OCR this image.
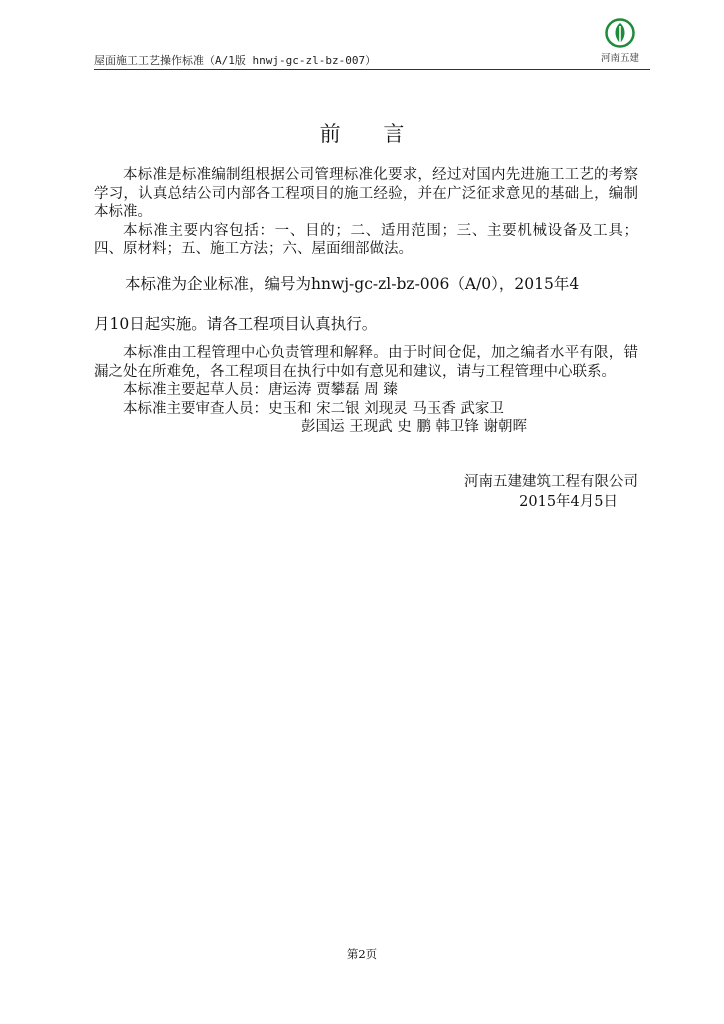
屋面施工工艺操作标准（A/1版 hnwj-gc-zl-bz-007）	河南五建
前 言

本标准是标准编制组根据公司管理标准化要求，经过对国内先进施工工艺的考察学习，认真总结公司内部各工程项目的施工经验，并在广泛征求意见的基础上，编制本标准。

本标准主要内容包括：一、目的；二、适用范围；三、主要机械设备及工具；四、原材料；五、施工方法；六、屋面细部做法。

本标准为企业标准，编号为hnwj-gc-zl-bz-006（A/0），2015年4

月10日起实施。请各工程项目认真执行。

本标准由工程管理中心负责管理和解释。由于时间仓促，加之编者水平有限，错漏之处在所难免，各工程项目在执行中如有意见和建议，请与工程管理中心联系。

本标准主要起草人员：唐运涛 贾攀磊 周 臻

本标准主要审查人员：史玉和 宋二银 刘现灵 马玉香 武家卫

彭国运 王现武 史 鹏 韩卫锋 谢朝晖

河南五建建筑工程有限公司
2015年4月5日
第2页
